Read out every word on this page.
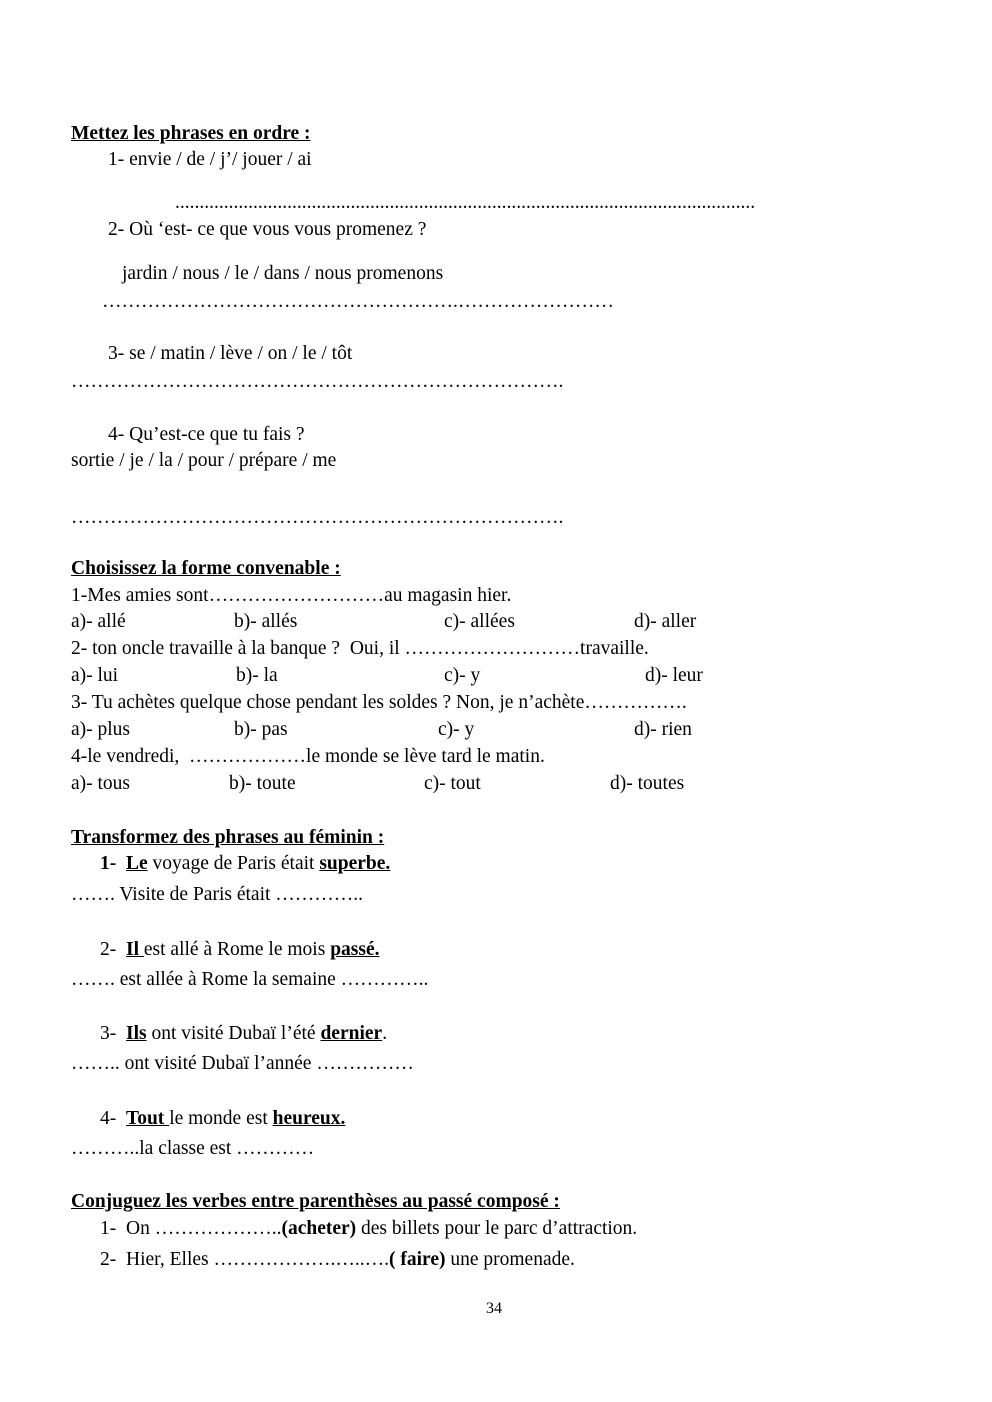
Mettez les phrases en ordre :
1- envie / de / j’/ jouer / ai
.......................................................................................................................
2- Où ‘est- ce que vous vous promenez ?
jardin / nous / le / dans / nous promenons
……………………………………………….……………………
3- se / matin / lève / on / le / tôt
………………………………………………………………….
4- Qu’est-ce que tu fais ?
sortie / je / la / pour / prépare / me
………………………………………………………………….
Choisissez la forme convenable :
1-Mes amies sont………………………au magasin hier.
a)- allé	b)- allés	c)- allées	d)- aller
2- ton oncle travaille à la banque ?  Oui, il ………………………travaille.
a)- lui	b)- la	c)- y	d)- leur
3- Tu achètes quelque chose pendant les soldes ? Non, je n’achète…………….
a)- plus	b)- pas	c)- y	d)- rien
4-le vendredi,  ………………le monde se lève tard le matin.
a)- tous	b)- toute	c)- tout	d)- toutes
Transformez des phrases au féminin :
1- Le voyage de Paris était superbe.
……. Visite de Paris était …………..
2- Il est allé à Rome le mois passé.
……. est allée à Rome la semaine …………..
3- Ils ont visité Dubaï l’été dernier.
…….. ont visité Dubaï l’année ……………
4- Tout le monde est heureux.
………..la classe est …………
Conjuguez les verbes entre parenthèses au passé composé :
1-  On ………………..(acheter) des billets pour le parc d’attraction.
2-  Hier, Elles ……………….…..….( faire) une promenade.
34
